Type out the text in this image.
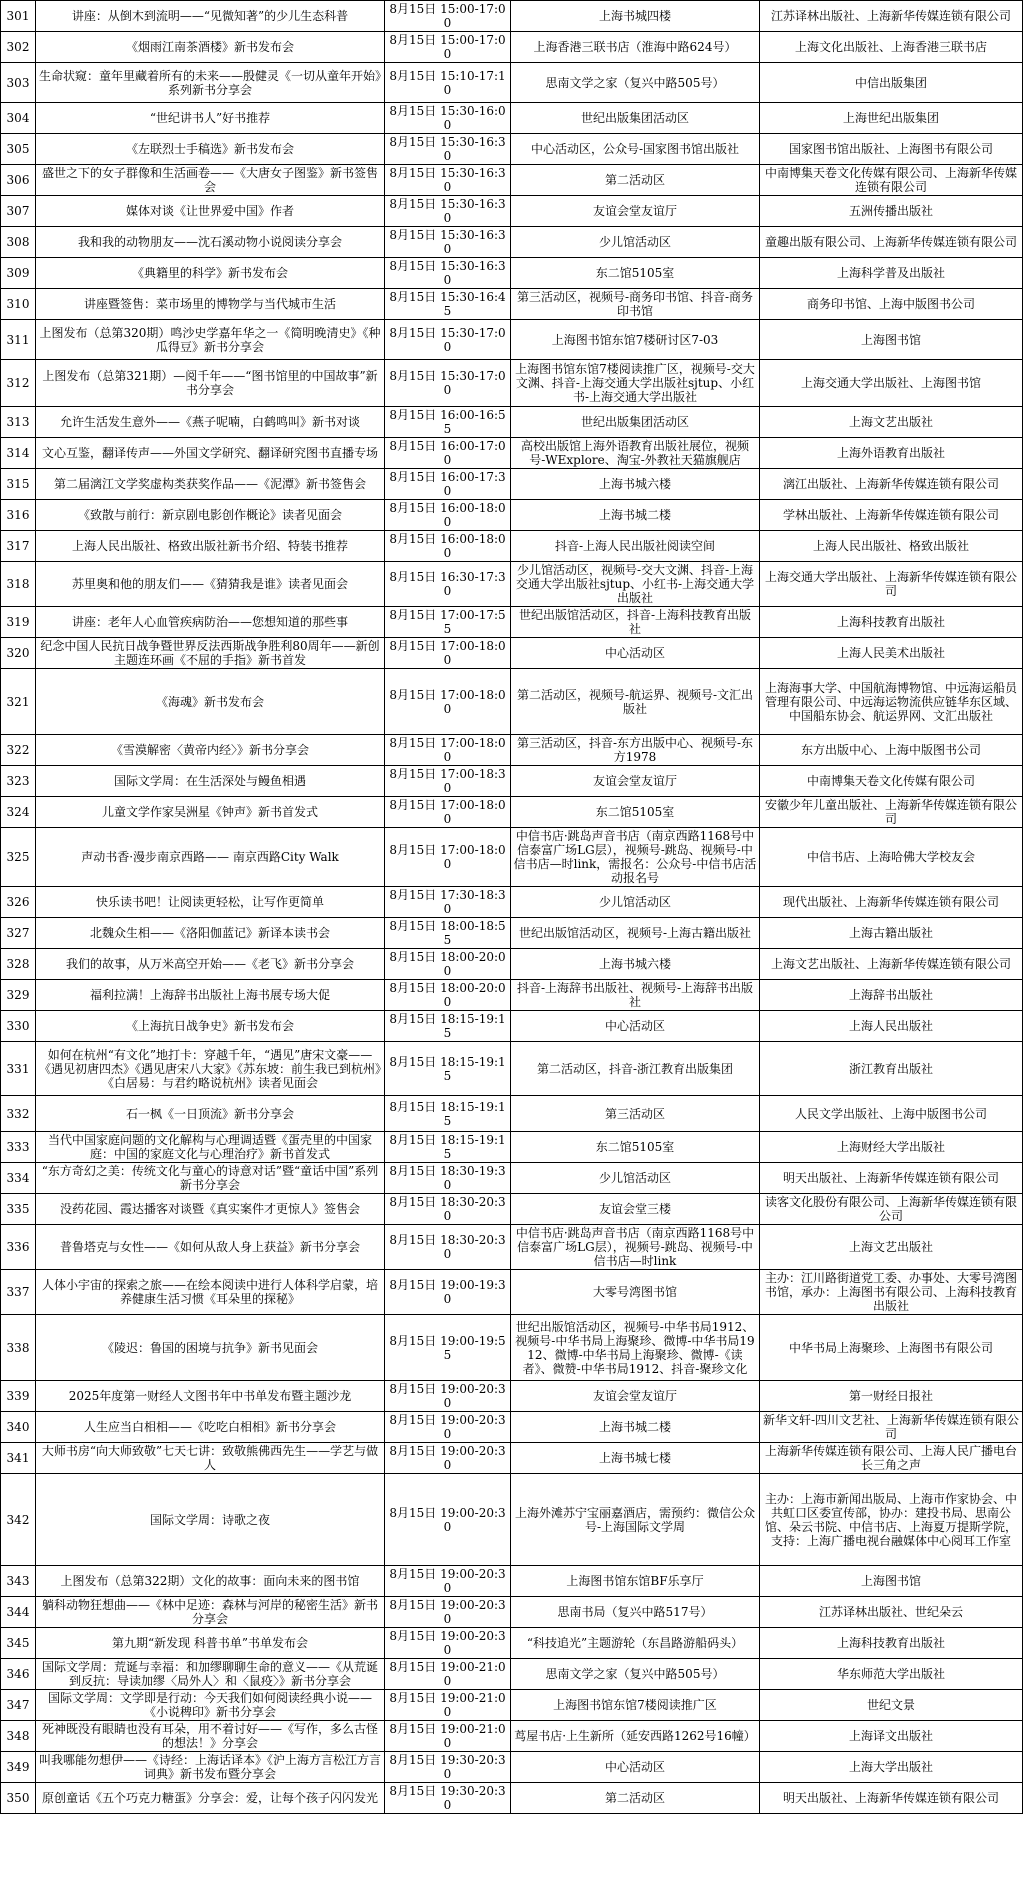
301	讲座：从倒木到流明——“见微知著”的少儿生态科普	8月15日 15:00-17:00	上海书城四楼	江苏译林出版社、上海新华传媒连锁有限公司
302	《烟雨江南茶酒楼》新书发布会	8月15日 15:00-17:00	上海香港三联书店（淮海中路624号）	上海文化出版社、上海香港三联书店
303	生命状窥：童年里藏着所有的未来——殷健灵《一切从童年开始》系列新书分享会	8月15日 15:10-17:10	思南文学之家（复兴中路505号）	中信出版集团
304	“世纪讲书人”好书推荐	8月15日 15:30-16:00	世纪出版集团活动区	上海世纪出版集团
305	《左联烈士手稿选》新书发布会	8月15日 15:30-16:30	中心活动区，公众号-国家图书馆出版社	国家图书馆出版社、上海图书有限公司
306	盛世之下的女子群像和生活画卷——《大唐女子图鉴》新书签售会	8月15日 15:30-16:30	第二活动区	中南博集天卷文化传媒有限公司、上海新华传媒连锁有限公司
307	媒体对谈《让世界爱中国》作者	8月15日 15:30-16:30	友谊会堂友谊厅	五洲传播出版社
308	我和我的动物朋友——沈石溪动物小说阅读分享会	8月15日 15:30-16:30	少儿馆活动区	童趣出版有限公司、上海新华传媒连锁有限公司
309	《典籍里的科学》新书发布会	8月15日 15:30-16:30	东二馆5105室	上海科学普及出版社
310	讲座暨签售：菜市场里的博物学与当代城市生活	8月15日 15:30-16:45	第三活动区，视频号-商务印书馆、抖音-商务印书馆	商务印书馆、上海中版图书公司
311	上图发布（总第320期）鸣沙史学嘉年华之一《简明晚清史》《种瓜得豆》新书分享会	8月15日 15:30-17:00	上海图书馆东馆7楼研讨区7-03	上海图书馆
312	上图发布（总第321期）—阅千年——“图书馆里的中国故事”新书分享会	8月15日 15:30-17:00	上海图书馆东馆7楼阅读推广区，视频号-交大文渊、抖音-上海交通大学出版社sjtup、小红书-上海交通大学出版社	上海交通大学出版社、上海图书馆
313	允许生活发生意外——《燕子呢喃，白鹤鸣叫》新书对谈	8月15日 16:00-16:55	世纪出版集团活动区	上海文艺出版社
314	文心互鉴，翻译传声——外国文学研究、翻译研究图书直播专场	8月15日 16:00-17:00	高校出版馆上海外语教育出版社展位，视频号-WExplore、淘宝-外教社天猫旗舰店	上海外语教育出版社
315	第二届漓江文学奖虚构类获奖作品——《泥潭》新书签售会	8月15日 16:00-17:30	上海书城六楼	漓江出版社、上海新华传媒连锁有限公司
316	《致散与前行：新京剧电影创作概论》读者见面会	8月15日 16:00-18:00	上海书城二楼	学林出版社、上海新华传媒连锁有限公司
317	上海人民出版社、格致出版社新书介绍、特装书推荐	8月15日 16:00-18:00	抖音-上海人民出版社阅读空间	上海人民出版社、格致出版社
318	苏里奥和他的朋友们——《猜猜我是谁》读者见面会	8月15日 16:30-17:30	少儿馆活动区，视频号-交大文渊、抖音-上海交通大学出版社sjtup、小红书-上海交通大学出版社	上海交通大学出版社、上海新华传媒连锁有限公司
319	讲座：老年人心血管疾病防治——您想知道的那些事	8月15日 17:00-17:55	世纪出版馆活动区，抖音-上海科技教育出版社	上海科技教育出版社
320	纪念中国人民抗日战争暨世界反法西斯战争胜利80周年——新创主题连环画《不屈的手指》新书首发	8月15日 17:00-18:00	中心活动区	上海人民美术出版社
321	《海魂》新书发布会	8月15日 17:00-18:00	第二活动区，视频号-航运界、视频号-文汇出版社	上海海事大学、中国航海博物馆、中远海运船员管理有限公司、中远海运物流供应链华东区域、中国船东协会、航运界网、文汇出版社
322	《雪漠解密〈黄帝内经〉》新书分享会	8月15日 17:00-18:00	第三活动区，抖音-东方出版中心、视频号-东方1978	东方出版中心、上海中版图书公司
323	国际文学周：在生活深处与鳗鱼相遇	8月15日 17:00-18:30	友谊会堂友谊厅	中南博集天卷文化传媒有限公司
324	儿童文学作家吴洲星《钟声》新书首发式	8月15日 17:00-18:00	东二馆5105室	安徽少年儿童出版社、上海新华传媒连锁有限公司
325	声动书香·漫步南京西路—— 南京西路City Walk	8月15日 17:00-18:00	中信书店·跳岛声音书店（南京西路1168号中信泰富广场LG层），视频号-跳岛、视频号-中信书店—时link，需报名：公众号-中信书店活动报名号	中信书店、上海哈佛大学校友会
326	快乐读书吧！让阅读更轻松，让写作更简单	8月15日 17:30-18:30	少儿馆活动区	现代出版社、上海新华传媒连锁有限公司
327	北魏众生相——《洛阳伽蓝记》新译本读书会	8月15日 18:00-18:55	世纪出版馆活动区，视频号-上海古籍出版社	上海古籍出版社
328	我们的故事，从万米高空开始——《老飞》新书分享会	8月15日 18:00-20:00	上海书城六楼	上海文艺出版社、上海新华传媒连锁有限公司
329	福利拉满！上海辞书出版社上海书展专场大促	8月15日 18:00-20:00	抖音-上海辞书出版社、视频号-上海辞书出版社	上海辞书出版社
330	《上海抗日战争史》新书发布会	8月15日 18:15-19:15	中心活动区	上海人民出版社
331	如何在杭州“有文化”地打卡：穿越千年，“遇见”唐宋文豪——《遇见初唐四杰》《遇见唐宋八大家》《苏东坡：前生我已到杭州》《白居易：与君约略说杭州》读者见面会	8月15日 18:15-19:15	第二活动区，抖音-浙江教育出版集团	浙江教育出版社
332	石一枫《一日顶流》新书分享会	8月15日 18:15-19:15	第三活动区	人民文学出版社、上海中版图书公司
333	当代中国家庭问题的文化解构与心理调适暨《蛋壳里的中国家庭：中国的家庭文化与心理治疗》新书首发式	8月15日 18:15-19:15	东二馆5105室	上海财经大学出版社
334	“东方奇幻之美：传统文化与童心的诗意对话”暨“童话中国”系列新书分享会	8月15日 18:30-19:30	少儿馆活动区	明天出版社、上海新华传媒连锁有限公司
335	没药花园、霞达播客对谈暨《真实案件才更惊人》签售会	8月15日 18:30-20:30	友谊会堂三楼	读客文化股份有限公司、上海新华传媒连锁有限公司
336	普鲁塔克与女性——《如何从敌人身上获益》新书分享会	8月15日 18:30-20:30	中信书店·跳岛声音书店（南京西路1168号中信泰富广场LG层），视频号-跳岛、视频号-中信书店—时link	上海文艺出版社
337	人体小宇宙的探索之旅——在绘本阅读中进行人体科学启蒙，培养健康生活习惯《耳朵里的探秘》	8月15日 19:00-19:30	大零号湾图书馆	主办：江川路街道党工委、办事处、大零号湾图书馆，承办：上海图书有限公司、上海科技教育出版社
338	《陵迟：鲁国的困境与抗争》新书见面会	8月15日 19:00-19:55	世纪出版馆活动区，视频号-中华书局1912、视频号-中华书局上海聚珍、微博-中华书局1912、微博-中华书局上海聚珍、微博-《读者》、微赞-中华书局1912、抖音-聚珍文化	中华书局上海聚珍、上海图书有限公司
339	2025年度第一财经人文图书年中书单发布暨主题沙龙	8月15日 19:00-20:30	友谊会堂友谊厅	第一财经日报社
340	人生应当白相相——《吃吃白相相》新书分享会	8月15日 19:00-20:30	上海书城二楼	新华文轩-四川文艺社、上海新华传媒连锁有限公司
341	大师书房“向大师致敬”七天七讲：致敬熊佛西先生——学艺与做人	8月15日 19:00-20:30	上海书城七楼	上海新华传媒连锁有限公司、上海人民广播电台长三角之声
342	国际文学周：诗歌之夜	8月15日 19:00-20:30	上海外滩苏宁宝丽嘉酒店，需预约：微信公众号-上海国际文学周	主办：上海市新闻出版局、上海市作家协会、中共虹口区委宣传部，协办：建投书局、思南公馆、朵云书院、中信书店、上海夏万提斯学院，支持：上海广播电视台融媒体中心阅耳工作室
343	上图发布（总第322期）文化的故事：面向未来的图书馆	8月15日 19:00-20:30	上海图书馆东馆BF乐享厅	上海图书馆
344	躺科动物狂想曲——《林中足迹：森林与河岸的秘密生活》新书分享会	8月15日 19:00-20:30	思南书局（复兴中路517号）	江苏译林出版社、世纪朵云
345	第九期“新发现 科普书单”书单发布会	8月15日 19:00-20:30	“科技追光”主题游轮（东昌路游船码头）	上海科技教育出版社
346	国际文学周：荒诞与幸福：和加缪聊聊生命的意义——《从荒诞到反抗：导读加缪〈局外人〉和〈鼠疫〉》新书分享会	8月15日 19:00-21:00	思南文学之家（复兴中路505号）	华东师范大学出版社
347	国际文学周：文学即是行动：今天我们如何阅读经典小说——《小说稗印》新书分享会	8月15日 19:00-21:00	上海图书馆东馆7楼阅读推广区	世纪文景
348	死神既没有眼睛也没有耳朵，用不着讨好——《写作，多么古怪的想法！》分享会	8月15日 19:00-21:00	茑屋书店·上生新所（延安西路1262号16幢）	上海译文出版社
349	叫我哪能勿想伊——《诗经：上海话译本》《沪上海方言松江方言词典》新书发布暨分享会	8月15日 19:30-20:30	中心活动区	上海大学出版社
350	原创童话《五个巧克力糖蛋》分享会：爱，让每个孩子闪闪发光	8月15日 19:30-20:30	第二活动区	明天出版社、上海新华传媒连锁有限公司
